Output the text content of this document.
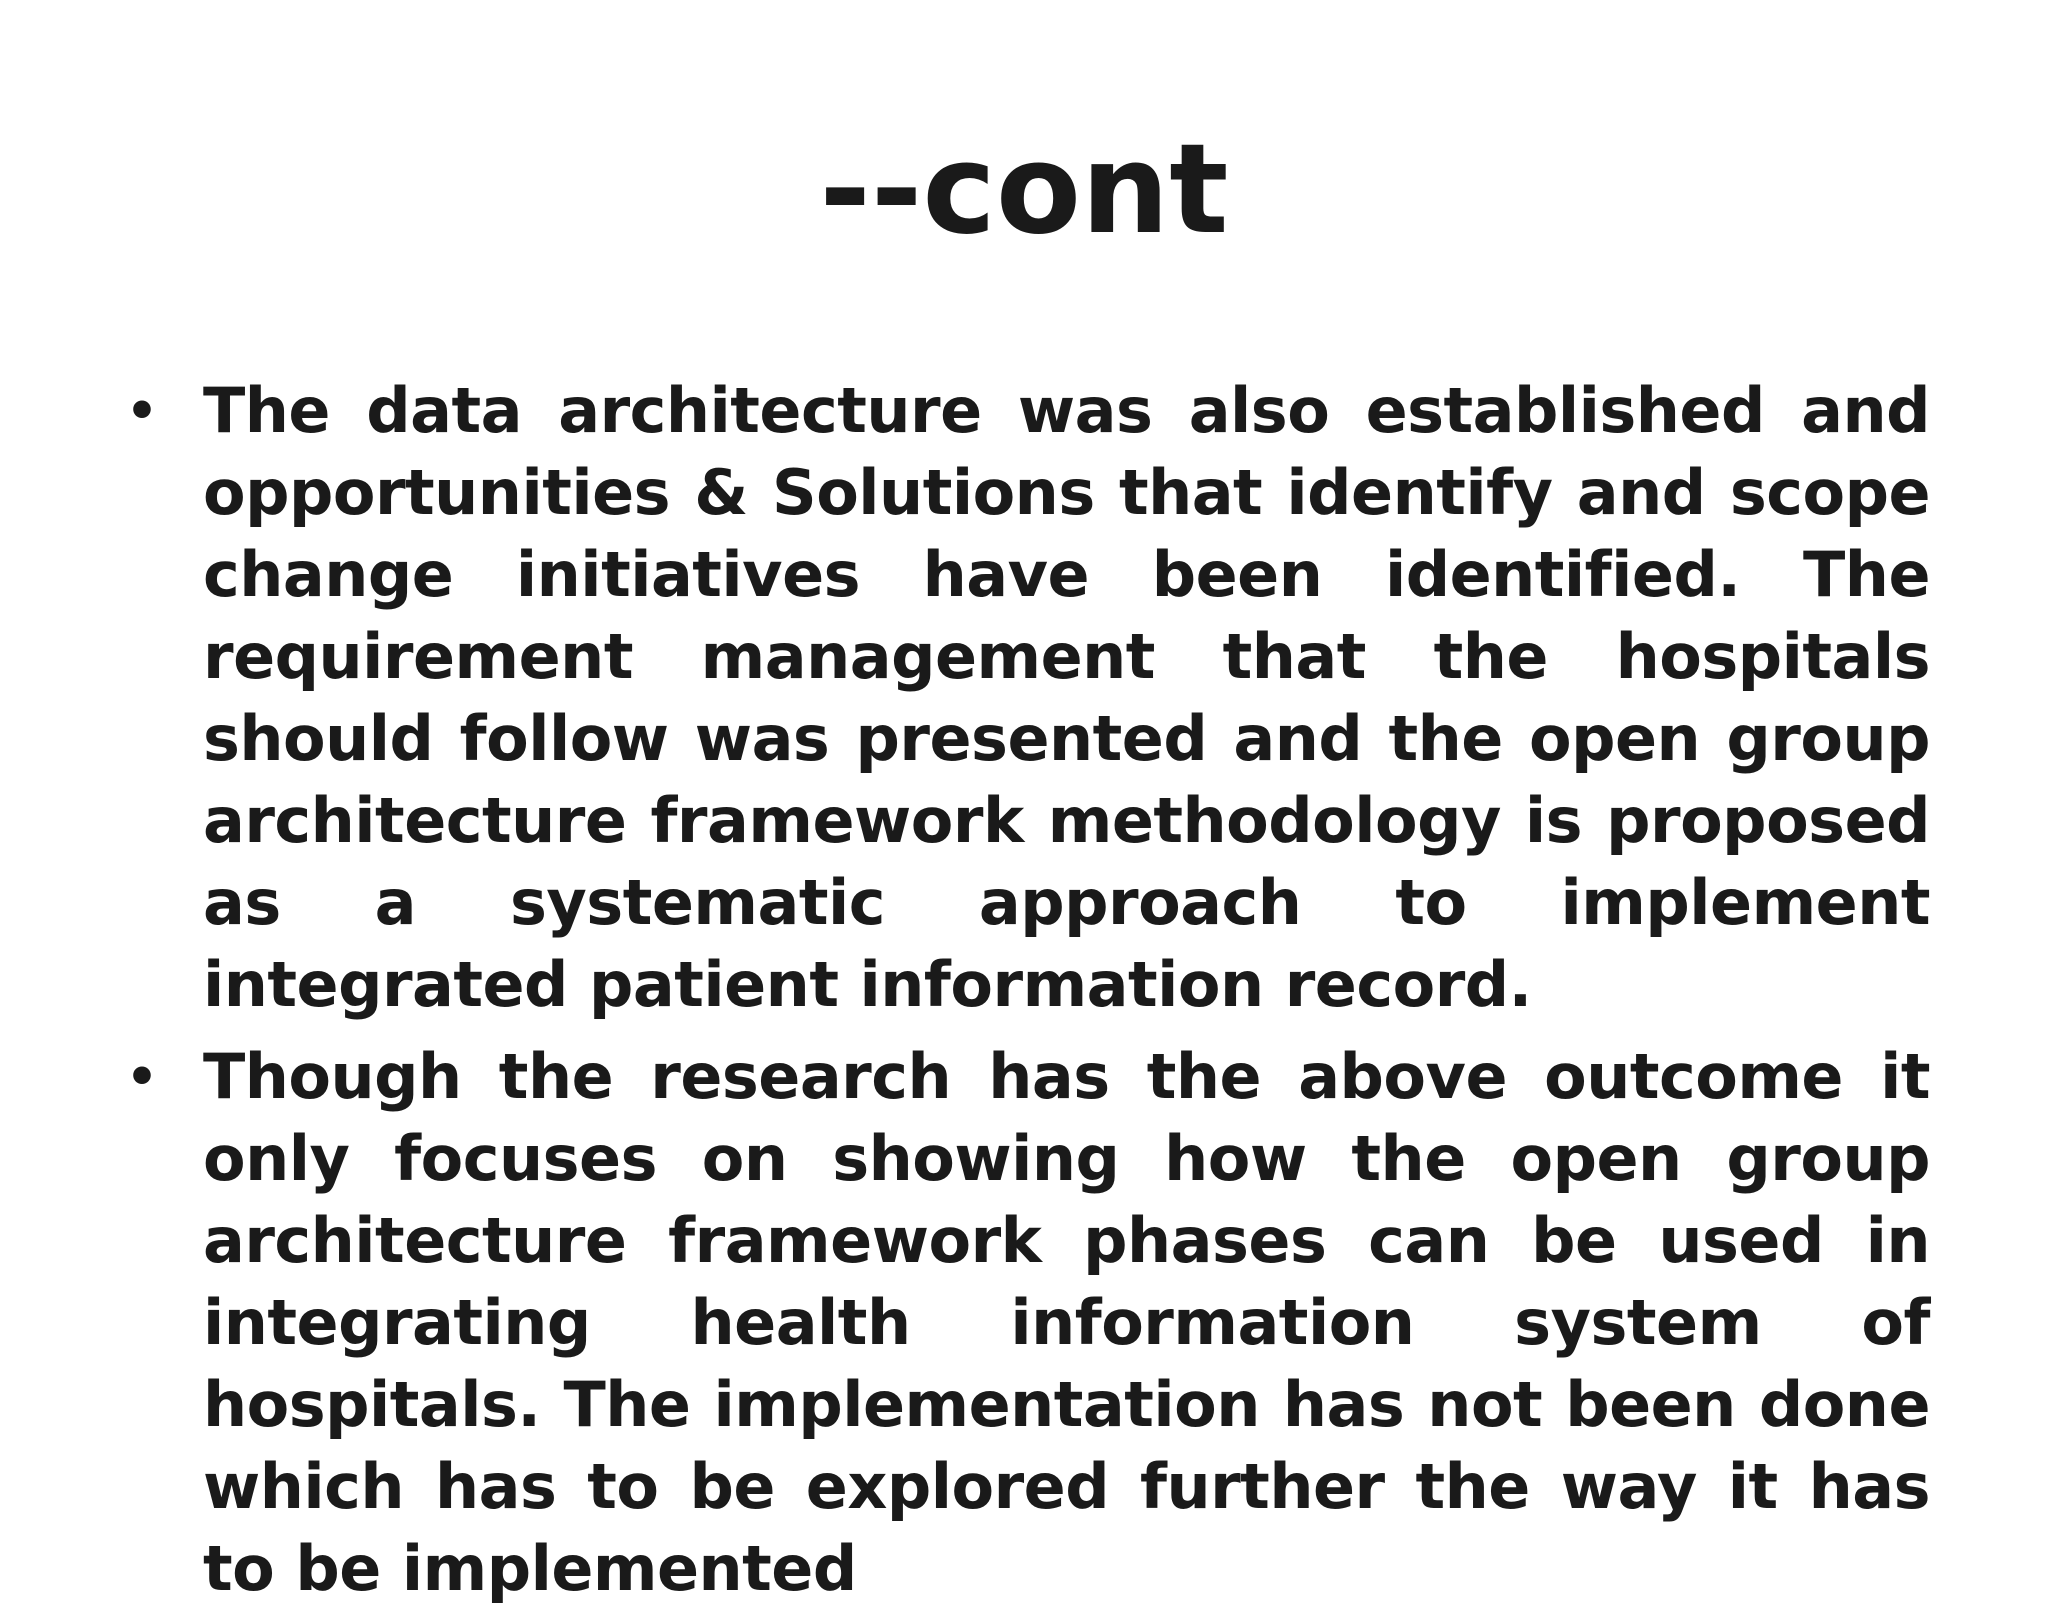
--cont
• The data architecture was also established and opportunities & Solutions that identify and scope change initiatives have been identified. The requirement management that the hospitals should follow was presented and the open group architecture framework methodology is proposed as a systematic approach to implement integrated patient information record.
• Though the research has the above outcome it only focuses on showing how the open group architecture framework phases can be used in integrating health information system of hospitals. The implementation has not been done which has to be explored further the way it has to be implemented
